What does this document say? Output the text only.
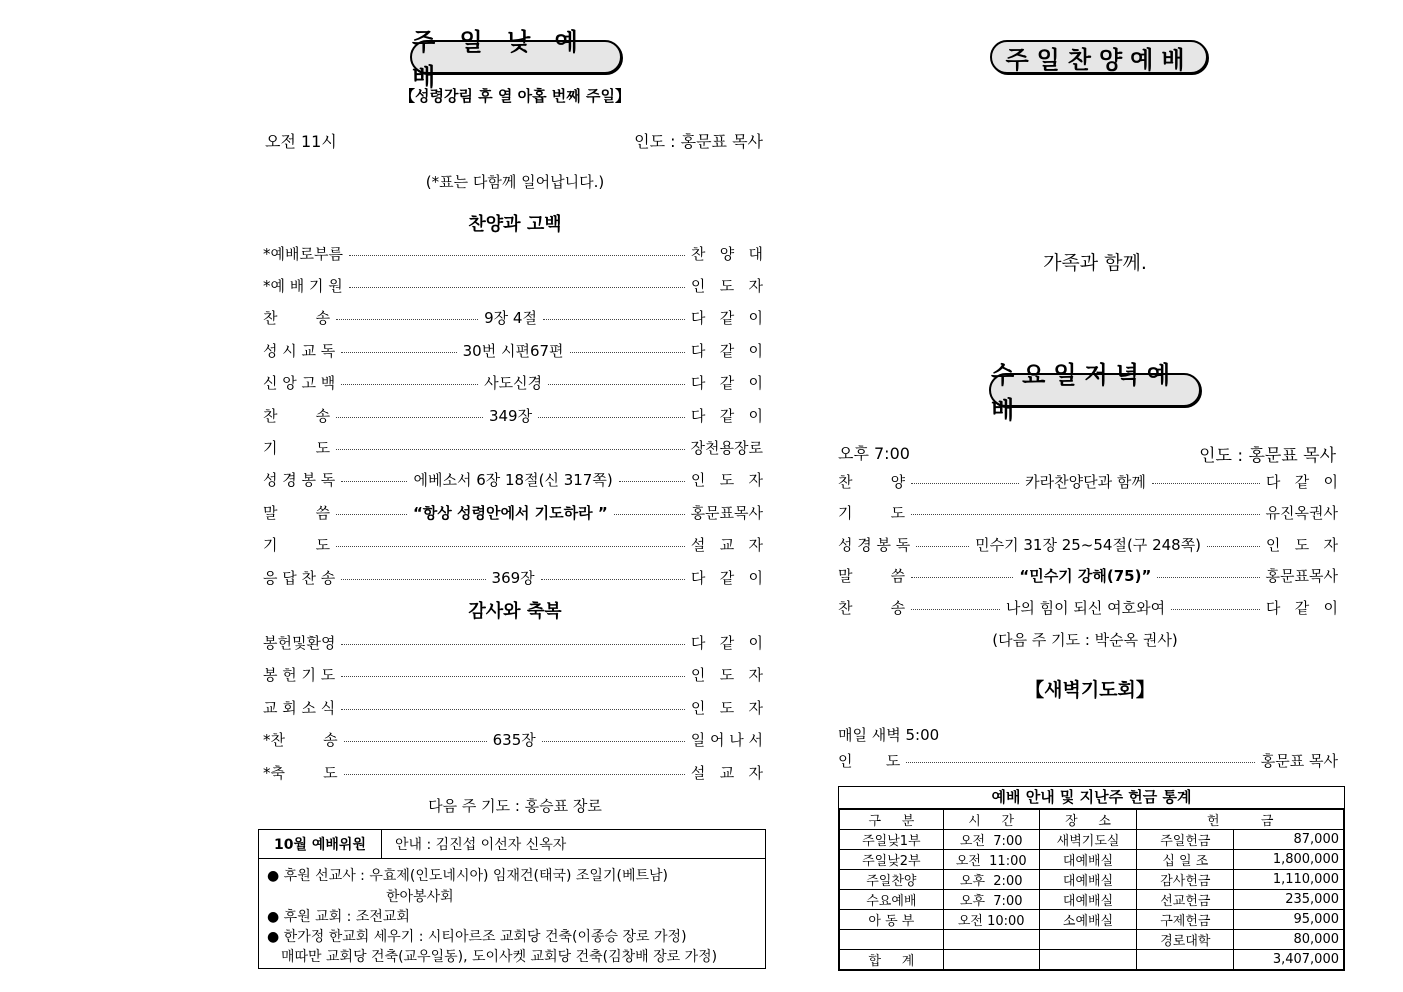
주 일 낮 예 배
【성령강림 후 열 아홉 번째 주일】
오전 11시	인도 : 홍문표 목사
(*표는 다함께 일어납니다.)
찬양과 고백
*예배로부름	찬   양   대
*예 배 기 원	인   도   자
찬        송	9장 4절	다   같   이
성 시 교 독	30번 시편67편	다   같   이
신 앙 고 백	사도신경	다   같   이
찬        송	349장	다   같   이
기        도	장천용장로
성 경 봉 독	에베소서 6장 18절(신 317쪽)	인   도   자
말        씀	“항상 성령안에서 기도하라 ”	홍문표목사
기        도	설   교   자
응 답 찬 송	369장	다   같   이
감사와 축복
봉헌및환영	다   같   이
봉 헌 기 도	인   도   자
교 회 소 식	인   도   자
*찬        송	635장	일 어 나 서
*축        도	설   교   자
다음 주 기도 : 홍승표 장로
10월 예배위원	안내 : 김진섭 이선자 신옥자
● 후원 선교사 : 우효제(인도네시아) 임재건(태국) 조일기(베트남)
한아봉사회
● 후원 교회 : 조전교회
● 한가정 한교회 세우기 : 시티아르조 교회당 건축(이종승 장로 가정)
매따만 교회당 건축(교우일동), 도이사켓 교회당 건축(김창배 장로 가정)
주일찬양예배
가족과 함께.
수요일저녁예배
오후 7:00	인도 : 홍문표 목사
찬        양	카라찬양단과 함께	다   같   이
기        도	유진옥권사
성 경 봉 독	민수기 31장 25~54절(구 248쪽)	인   도   자
말        씀	“민수기 강해(75)”	홍문표목사
찬        송	나의 힘이 되신 여호와여	다   같   이
(다음 주 기도 : 박순옥 권사)
【새벽기도회】
매일 새벽 5:00
인       도	홍문표 목사
예배 안내 및 지난주 헌금 통계
구     분	시     간	장     소	헌          금	
주일낮1부	오전  7:00	새벽기도실	주일헌금	87,000
주일낮2부	오전  11:00	대예배실	십 일 조	1,800,000
주일찬양	오후  2:00	대예배실	감사헌금	1,110,000
수요예배	오후  7:00	대예배실	선교헌금	235,000
아 동 부	오전 10:00	소예배실	구제헌금	95,000
			경로대학	80,000
합     계				3,407,000
